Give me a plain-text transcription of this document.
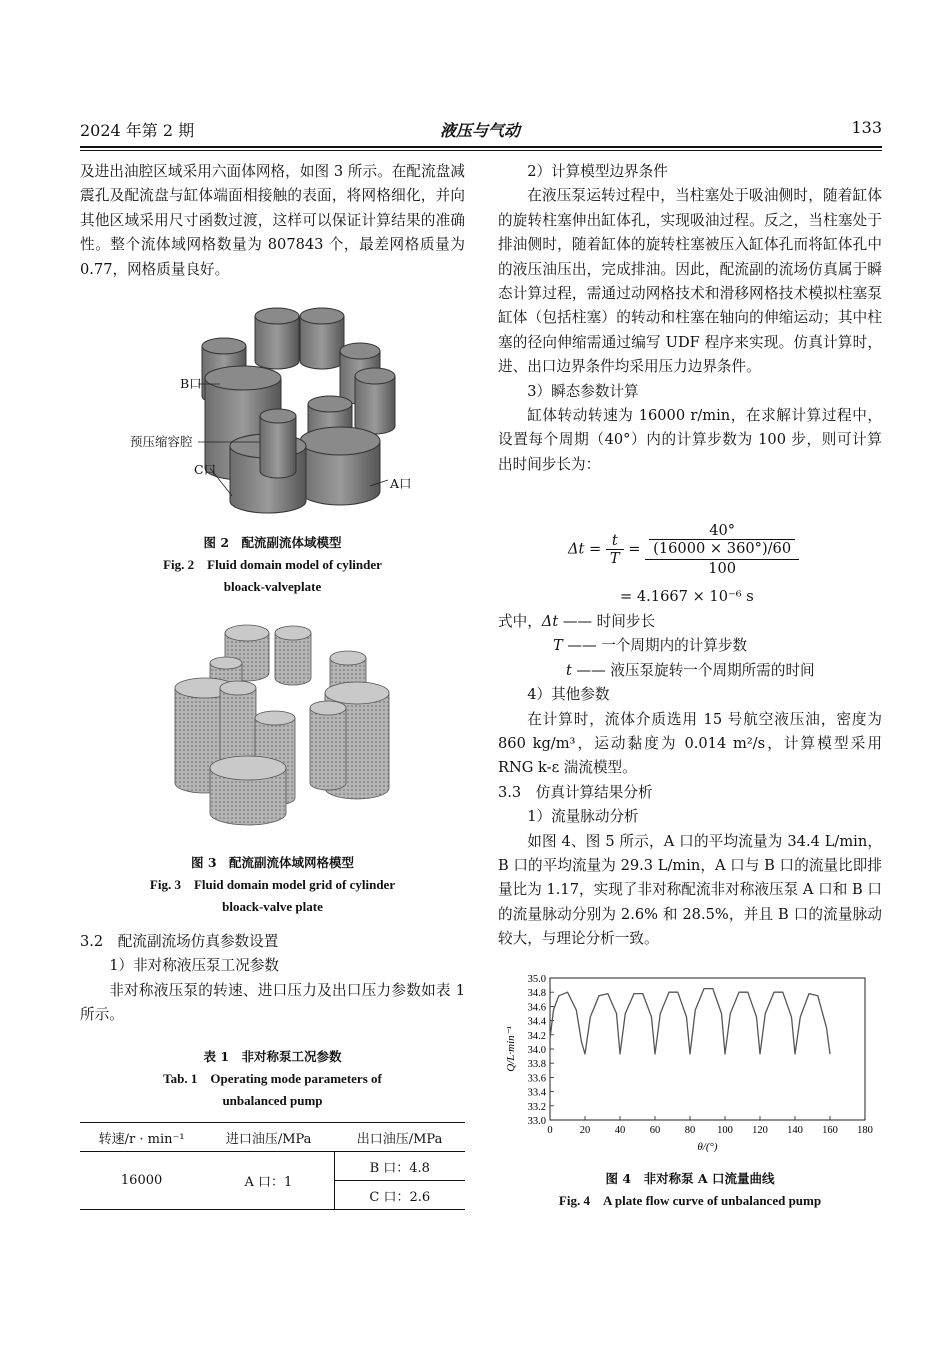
2024 年第 2 期	液压与气动	133

及进出油腔区域采用六面体网格，如图 3 所示。在配流盘减震孔及配流盘与缸体端面相接触的表面，将网格细化，并向其他区域采用尺寸函数过渡，这样可以保证计算结果的准确性。整个流体域网格数量为 807843 个，最差网格质量为 0.77，网格质量良好。

B口
预压缩容腔
C口
A口
图 2　配流副流体域模型
Fig. 2　Fluid domain model of cylinder
bloack-valveplate
图 3　配流副流体域网格模型
Fig. 3　Fluid domain model grid of cylinder
bloack-valve plate

3.2　配流副流场仿真参数设置

1）非对称液压泵工况参数

非对称液压泵的转速、进口压力及出口压力参数如表 1 所示。

表 1　非对称泵工况参数
Tab. 1　Operating mode parameters of
unbalanced pump
转速/r · min⁻¹	进口油压/MPa	出口油压/MPa
16000	A 口：1	B 口：4.8
		C 口：2.6

2）计算模型边界条件

在液压泵运转过程中，当柱塞处于吸油侧时，随着缸体的旋转柱塞伸出缸体孔，实现吸油过程。反之，当柱塞处于排油侧时，随着缸体的旋转柱塞被压入缸体孔而将缸体孔中的液压油压出，完成排油。因此，配流副的流场仿真属于瞬态计算过程，需通过动网格技术和滑移网格技术模拟柱塞泵缸体（包括柱塞）的转动和柱塞在轴向的伸缩运动；其中柱塞的径向伸缩需通过编写 UDF 程序来实现。仿真计算时，进、出口边界条件均采用压力边界条件。

3）瞬态参数计算

缸体转动转速为 16000 r/min，在求解计算过程中，设置每个周期（40°）内的计算步数为 100 步，则可计算出时间步长为：

$\Delta t = \frac{t}{T} = 40^\circ$
(16000 × 360°)/60
100
= 4.1667 × 10⁻⁶ s

式中，Δt —— 时间步长

T —— 一个周期内的计算步数

t —— 液压泵旋转一个周期所需的时间

4）其他参数

在计算时，流体介质选用 15 号航空液压油，密度为 860 kg/m³，运动黏度为 0.014 m²/s，计算模型采用 RNG k-ε 湍流模型。

3.3　仿真计算结果分析

1）流量脉动分析

如图 4、图 5 所示，A 口的平均流量为 34.4 L/min，B 口的平均流量为 29.3 L/min，A 口与 B 口的流量比即排量比为 1.17，实现了非对称配流非对称液压泵 A 口和 B 口的流量脉动分别为 2.6% 和 28.5%，并且 B 口的流量脉动较大，与理论分析一致。

33.0
33.2
33.4
33.6
33.8
34.0
34.2
34.4
34.6
34.8
35.0
0	20 40 60 80 100 120 140 160 180
θ/(°)
Q/L·min⁻¹
图 4　非对称泵 A 口流量曲线
Fig. 4　A plate flow curve of unbalanced pump
